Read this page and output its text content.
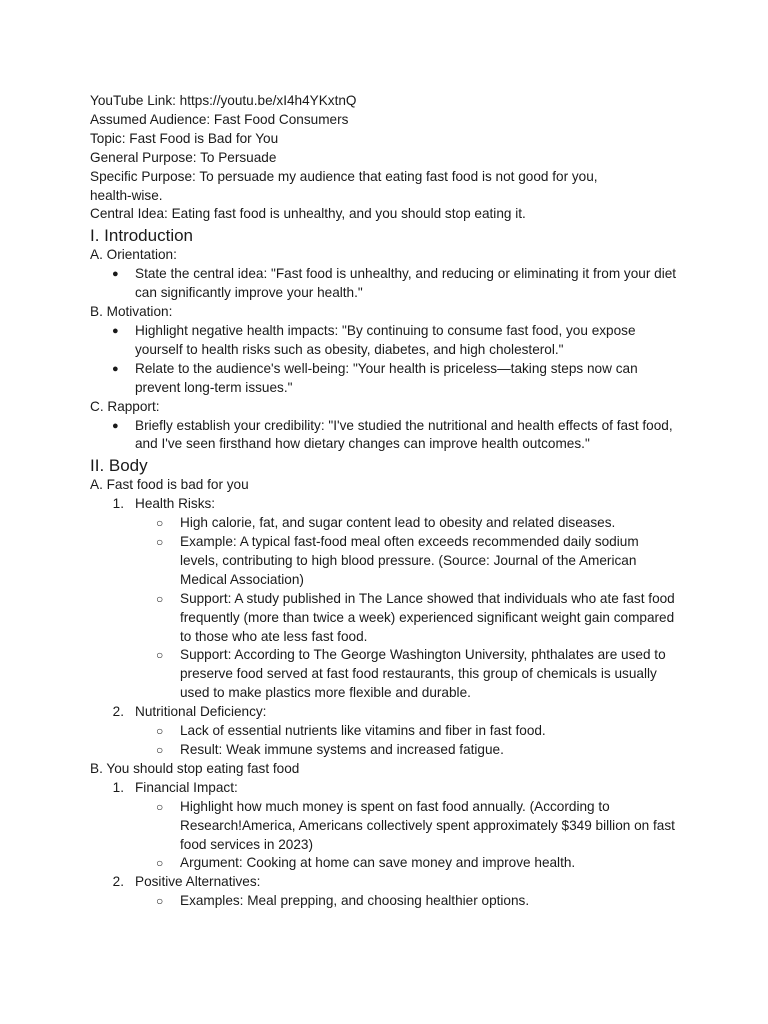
YouTube Link: https://youtu.be/xI4h4YKxtnQ
Assumed Audience: Fast Food Consumers
Topic: Fast Food is Bad for You
General Purpose: To Persuade
Specific Purpose: To persuade my audience that eating fast food is not good for you,
health-wise.
Central Idea: Eating fast food is unhealthy, and you should stop eating it.
I. Introduction
A. Orientation:
● State the central idea: "Fast food is unhealthy, and reducing or eliminating it from your diet can significantly improve your health."
B. Motivation:
● Highlight negative health impacts: "By continuing to consume fast food, you expose yourself to health risks such as obesity, diabetes, and high cholesterol."
● Relate to the audience's well-being: "Your health is priceless—taking steps now can prevent long-term issues."
C. Rapport:
● Briefly establish your credibility: "I've studied the nutritional and health effects of fast food, and I've seen firsthand how dietary changes can improve health outcomes."
II. Body
A. Fast food is bad for you
1. Health Risks:
○ High calorie, fat, and sugar content lead to obesity and related diseases.
○ Example: A typical fast-food meal often exceeds recommended daily sodium levels, contributing to high blood pressure. (Source: Journal of the American Medical Association)
○ Support: A study published in The Lance showed that individuals who ate fast food frequently (more than twice a week) experienced significant weight gain compared to those who ate less fast food.
○ Support: According to The George Washington University, phthalates are used to preserve food served at fast food restaurants, this group of chemicals is usually used to make plastics more flexible and durable.
2. Nutritional Deficiency:
○ Lack of essential nutrients like vitamins and fiber in fast food.
○ Result: Weak immune systems and increased fatigue.
B. You should stop eating fast food
1. Financial Impact:
○ Highlight how much money is spent on fast food annually. (According to Research!America, Americans collectively spent approximately $349 billion on fast food services in 2023)
○ Argument: Cooking at home can save money and improve health.
2. Positive Alternatives:
○ Examples: Meal prepping, and choosing healthier options.
